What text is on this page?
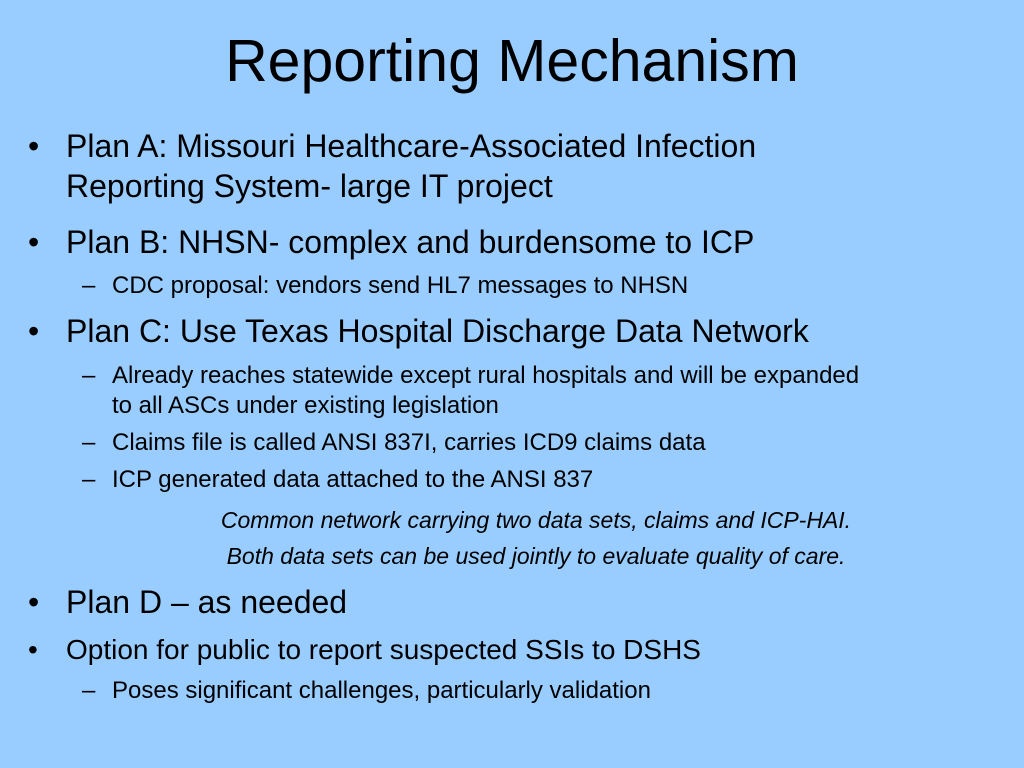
Reporting Mechanism
• Plan A: Missouri Healthcare-Associated Infection
Reporting System- large IT project
• Plan B: NHSN- complex and burdensome to ICP
– CDC proposal: vendors send HL7 messages to NHSN
• Plan C: Use Texas Hospital Discharge Data Network
– Already reaches statewide except rural hospitals and will be expanded
to all ASCs under existing legislation
– Claims file is called ANSI 837I, carries ICD9 claims data
– ICP generated data attached to the ANSI 837
Common network carrying two data sets, claims and ICP-HAI.
Both data sets can be used jointly to evaluate quality of care.
• Plan D – as needed
• Option for public to report suspected SSIs to DSHS
– Poses significant challenges, particularly validation
